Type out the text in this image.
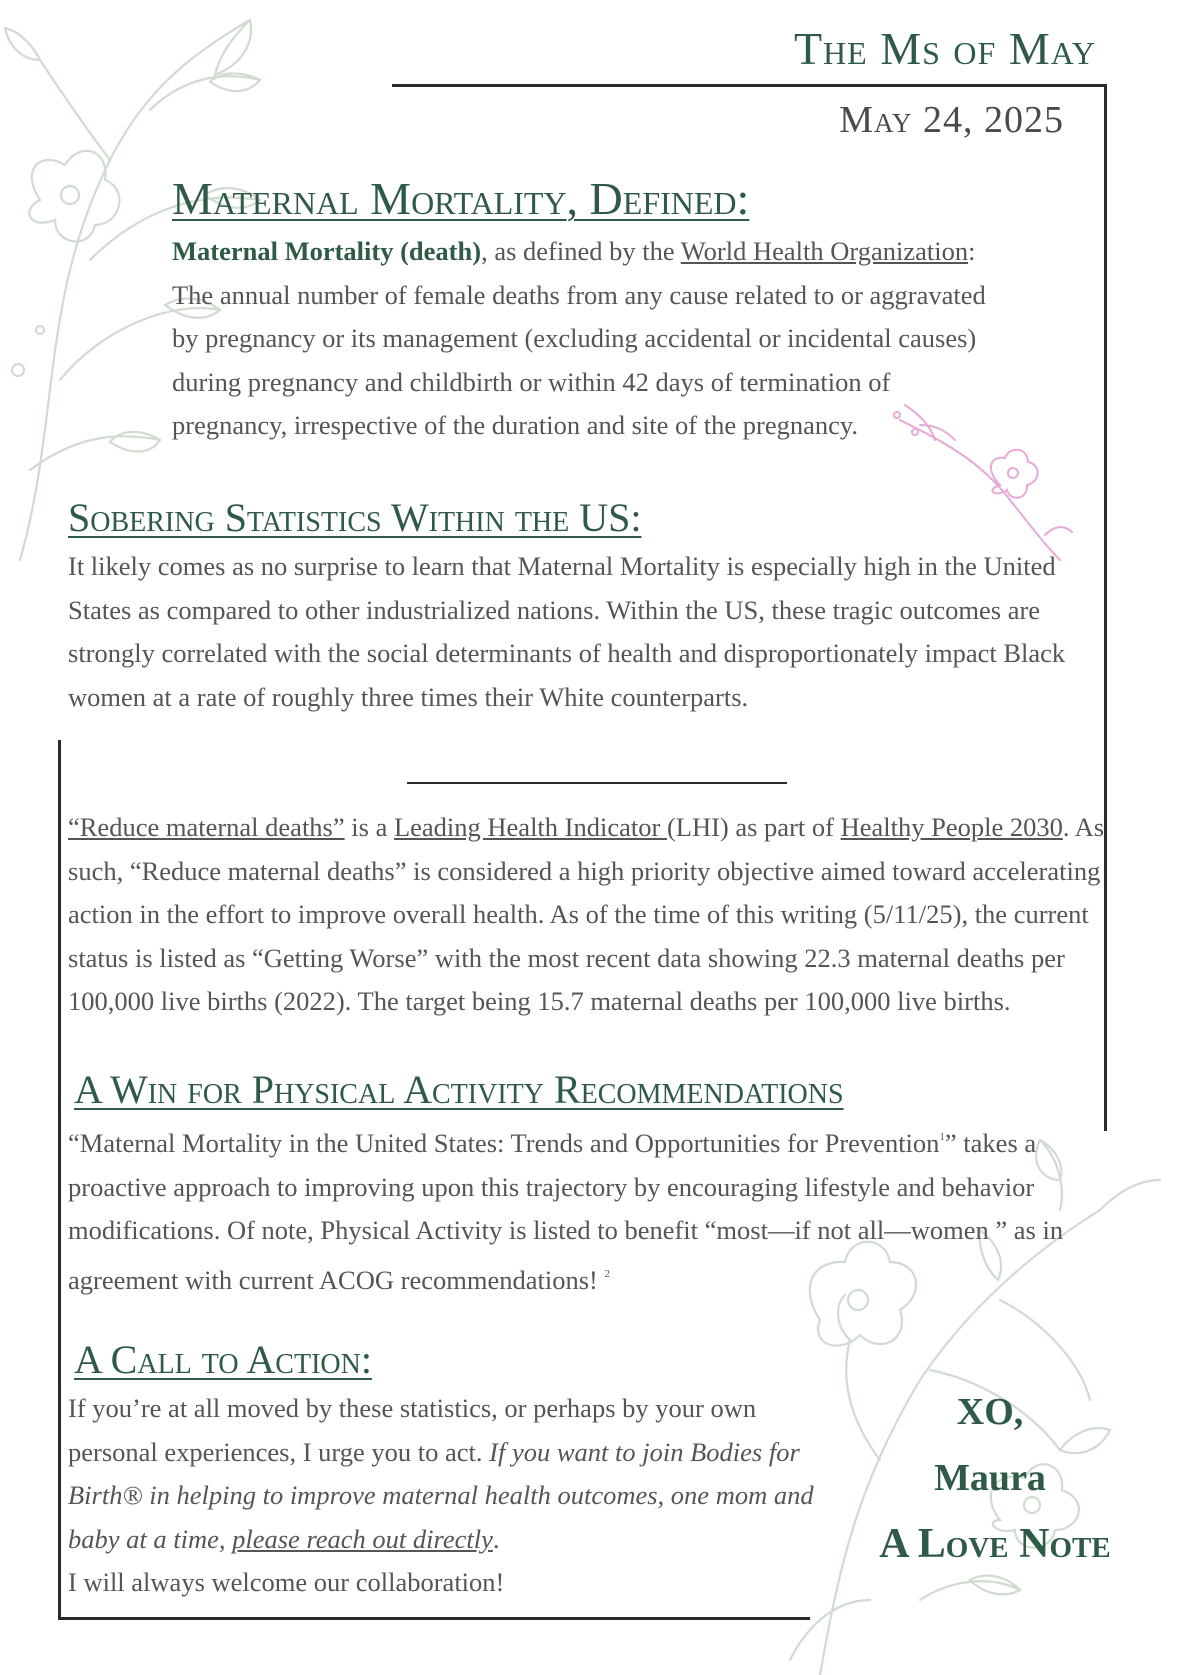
The Ms of May
May 24, 2025
Maternal Mortality, Defined:

Maternal Mortality (death), as defined by the World Health Organization: The annual number of female deaths from any cause related to or aggravated by pregnancy or its management (excluding accidental or incidental causes) during pregnancy and childbirth or within 42 days of termination of pregnancy, irrespective of the duration and site of the pregnancy.

Sobering Statistics Within the US:

It likely comes as no surprise to learn that Maternal Mortality is especially high in the United States as compared to other industrialized nations. Within the US, these tragic outcomes are strongly correlated with the social determinants of health and disproportionately impact Black women at a rate of roughly three times their White counterparts.

“Reduce maternal deaths” is a Leading Health Indicator (LHI) as part of Healthy People 2030. As such, “Reduce maternal deaths” is considered a high priority objective aimed toward accelerating action in the effort to improve overall health. As of the time of this writing (5/11/25), the current status is listed as “Getting Worse” with the most recent data showing 22.3 maternal deaths per 100,000 live births (2022). The target being 15.7 maternal deaths per 100,000 live births.

A Win for Physical Activity Recommendations

“Maternal Mortality in the United States: Trends and Opportunities for Prevention$^1$” takes a proactive approach to improving upon this trajectory by encouraging lifestyle and behavior modifications. Of note, Physical Activity is listed to benefit “most—if not all—women ” as in agreement with current ACOG recommendations! $^2$

A Call to Action:

If you’re at all moved by these statistics, or perhaps by your own personal experiences, I urge you to act. If you want to join Bodies for Birth® in helping to improve maternal health outcomes, one mom and baby at a time, please reach out directly.
I will always welcome our collaboration!

XO,
Maura
A Love Note
